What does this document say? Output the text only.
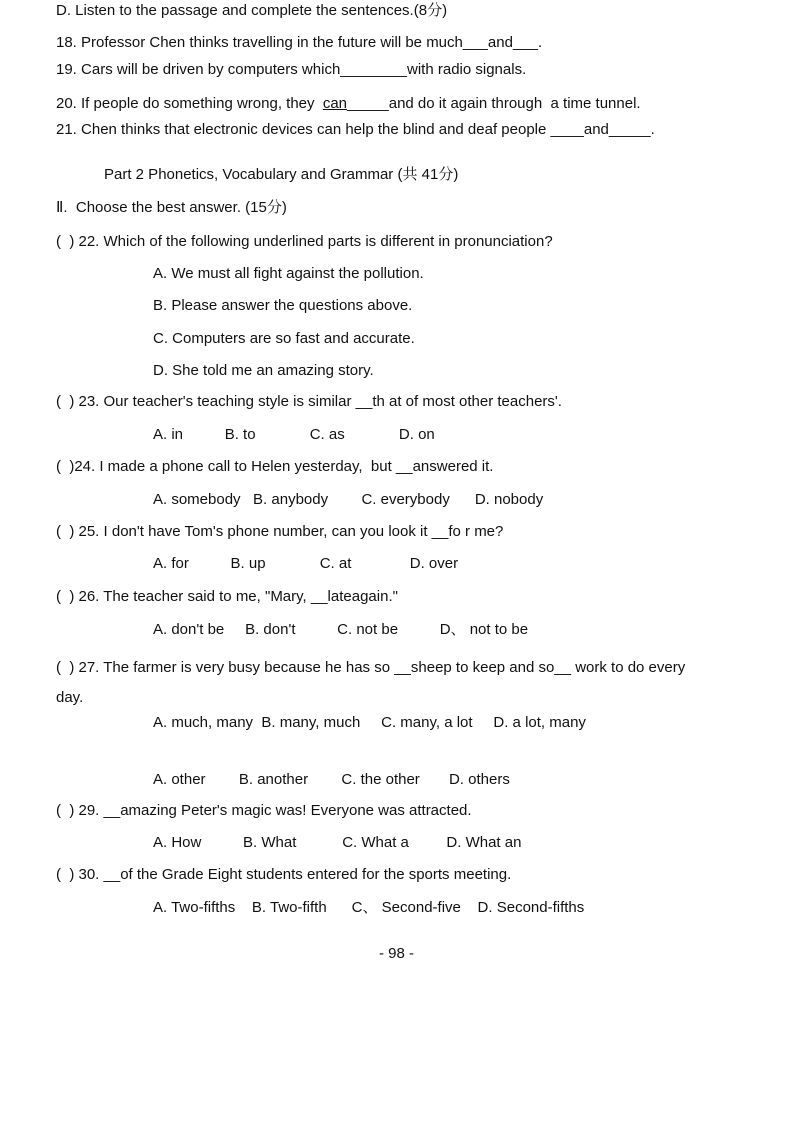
D. Listen to the passage and complete the sentences.(8分)
18. Professor Chen thinks travelling in the future will be much___and___.
19. Cars will be driven by computers which________with radio signals.
20. If people do something wrong, they  can_____and do it again through  a time tunnel.
21. Chen thinks that electronic devices can help the blind and deaf people ____and_____.
Part 2 Phonetics, Vocabulary and Grammar (共 41分)
Ⅱ.  Choose the best answer. (15分)
(  ) 22. Which of the following underlined parts is different in pronunciation?
A. We must all fight against the pollution.
B. Please answer the questions above.
C. Computers are so fast and accurate.
D. She told me an amazing story.
(  ) 23. Our teacher's teaching style is similar __th at of most other teachers'.
A. in          B. to             C. as             D. on
(  )24. I made a phone call to Helen yesterday,  but __answered it.
A. somebody   B. anybody        C. everybody      D. nobody
(  ) 25. I don't have Tom's phone number, can you look it __fo r me?
A. for          B. up             C. at              D. over
(  ) 26. The teacher said to me, "Mary, __lateagain."
A. don't be     B. don't          C. not be          D、 not to be
(  ) 27. The farmer is very busy because he has so __sheep to keep and so__ work to do every
day.
A. much, many  B. many, much     C. many, a lot     D. a lot, many
A. other        B. another        C. the other       D. others
(  ) 29. __amazing Peter's magic was! Everyone was attracted.
A. How          B. What           C. What a         D. What an
(  ) 30. __of the Grade Eight students entered for the sports meeting.
A. Two-fifths    B. Two-fifth      C、 Second-five    D. Second-fifths
- 98 -
